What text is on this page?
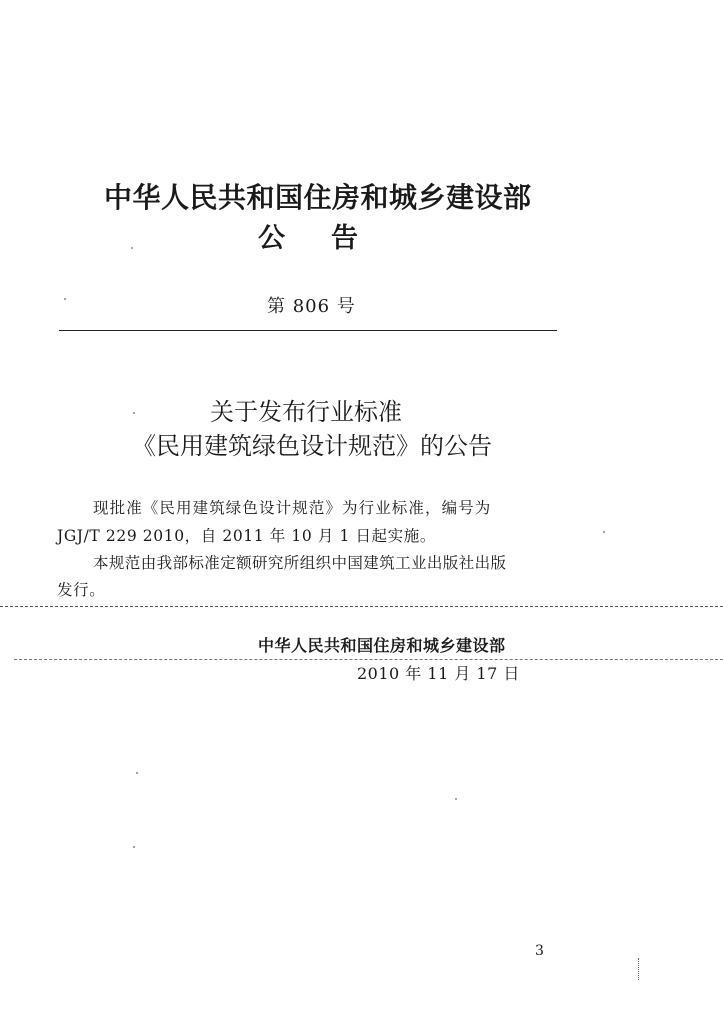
中华人民共和国住房和城乡建设部
公告
第 806 号
关于发布行业标准
《民用建筑绿色设计规范》的公告
现批准《民用建筑绿色设计规范》为行业标准，编号为
JGJ/T 229 2010，自 2011 年 10 月 1 日起实施。
本规范由我部标准定额研究所组织中国建筑工业出版社出版
发行。
中华人民共和国住房和城乡建设部
2010 年 11 月 17 日
3
